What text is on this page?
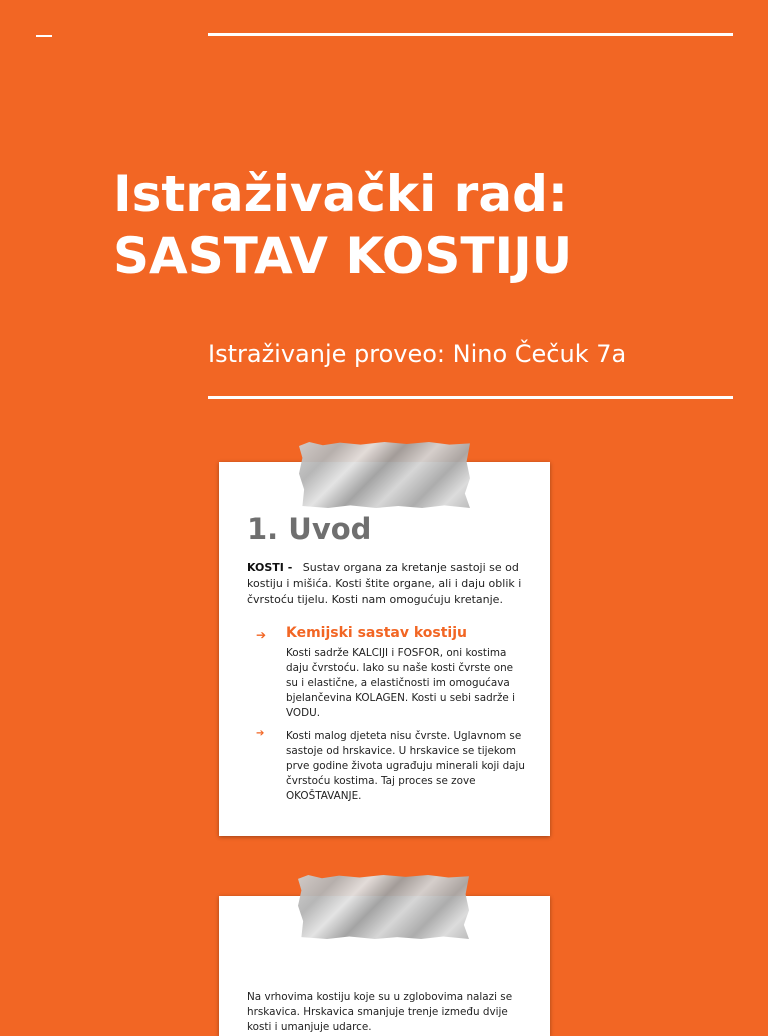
Istraživački rad:
SASTAV KOSTIJU
Istraživanje proveo: Nino Čečuk 7a
1. Uvod
KOSTI - Sustav organa za kretanje sastoji se od kostiju i mišića. Kosti štite organe, ali i daju oblik i čvrstoću tijelu. Kosti nam omogućuju kretanje.
➔ Kemijski sastav kostiju
Kosti sadrže KALCIJI i FOSFOR, oni kostima daju čvrstoću. Iako su naše kosti čvrste one su i elastične, a elastičnosti im omogućava bjelančevina KOLAGEN. Kosti u sebi sadrže i VODU.
➔ Kosti malog djeteta nisu čvrste. Uglavnom se sastoje od hrskavice. U hrskavice se tijekom prve godine života ugrađuju minerali koji daju čvrstoću kostima. Taj proces se zove OKOŠTAVANJE.
Na vrhovima kostiju koje su u zglobovima nalazi se hrskavica. Hrskavica smanjuje trenje između dvije kosti i umanjuje udarce.
